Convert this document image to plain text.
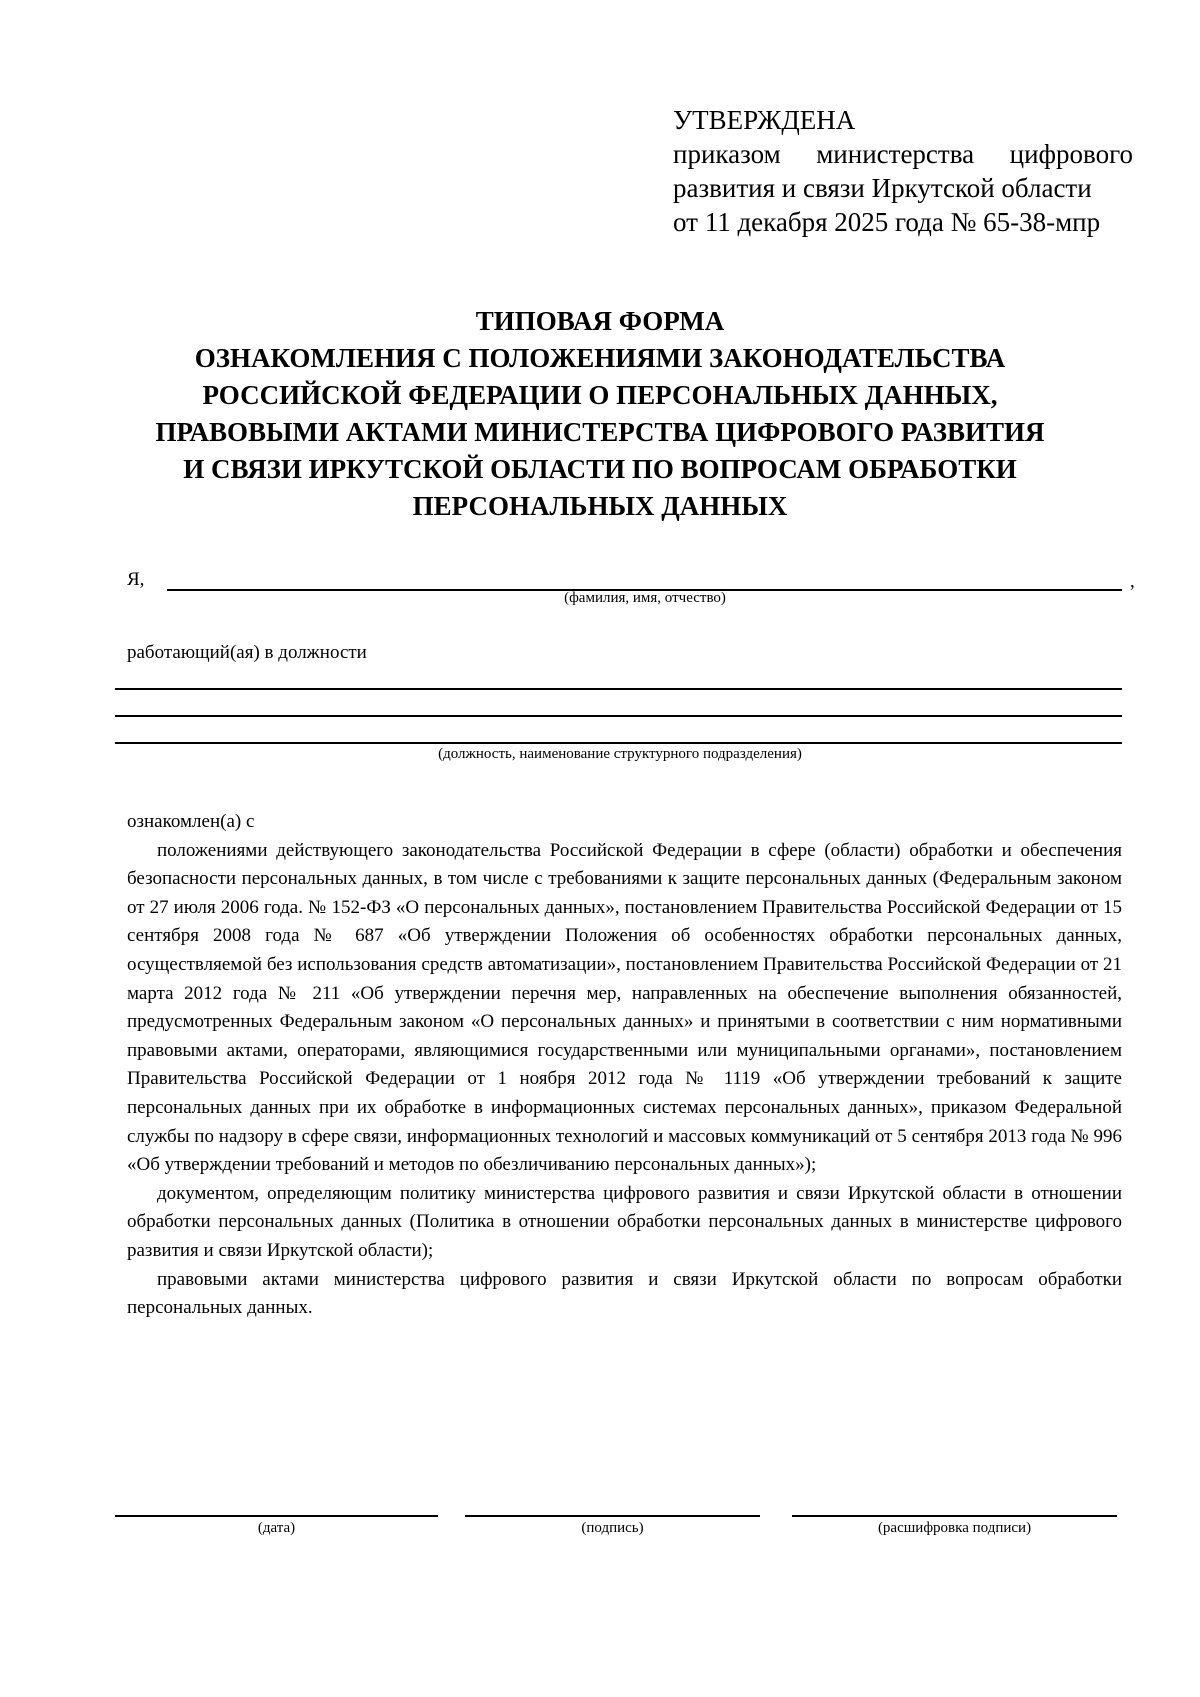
УТВЕРЖДЕНА
приказом министерства цифрового
развития и связи Иркутской области
от 11 декабря 2025 года № 65-38-мпр
ТИПОВАЯ ФОРМА
ОЗНАКОМЛЕНИЯ С ПОЛОЖЕНИЯМИ ЗАКОНОДАТЕЛЬСТВА
РОССИЙСКОЙ ФЕДЕРАЦИИ О ПЕРСОНАЛЬНЫХ ДАННЫХ,
ПРАВОВЫМИ АКТАМИ МИНИСТЕРСТВА ЦИФРОВОГО РАЗВИТИЯ
И СВЯЗИ ИРКУТСКОЙ ОБЛАСТИ ПО ВОПРОСАМ ОБРАБОТКИ
ПЕРСОНАЛЬНЫХ ДАННЫХ
Я,	,
(фамилия, имя, отчество)
работающий(ая) в должности
(должность, наименование структурного подразделения)
ознакомлен(а) с

положениями действующего законодательства Российской Федерации в сфере (области) обработки и обеспечения безопасности персональных данных, в том числе с требованиями к защите персональных данных (Федеральным законом от 27 июля 2006 года. № 152-ФЗ «О персональных данных», постановлением Правительства Российской Федерации от 15 сентября 2008 года № 687 «Об утверждении Положения об особенностях обработки персональных данных, осуществляемой без использования средств автоматизации», постановлением Правительства Российской Федерации от 21 марта 2012 года № 211 «Об утверждении перечня мер, направленных на обеспечение выполнения обязанностей, предусмотренных Федеральным законом «О персональных данных» и принятыми в соответствии с ним нормативными правовыми актами, операторами, являющимися государственными или муниципальными органами», постановлением Правительства Российской Федерации от 1 ноября 2012 года № 1119 «Об утверждении требований к защите персональных данных при их обработке в информационных системах персональных данных», приказом Федеральной службы по надзору в сфере связи, информационных технологий и массовых коммуникаций от 5 сентября 2013 года № 996 «Об утверждении требований и методов по обезличиванию персональных данных»);

документом, определяющим политику министерства цифрового развития и связи Иркутской области в отношении обработки персональных данных (Политика в отношении обработки персональных данных в министерстве цифрового развития и связи Иркутской области);

правовыми актами министерства цифрового развития и связи Иркутской области по вопросам обработки персональных данных.

(дата)	(подпись)	(расшифровка подписи)
